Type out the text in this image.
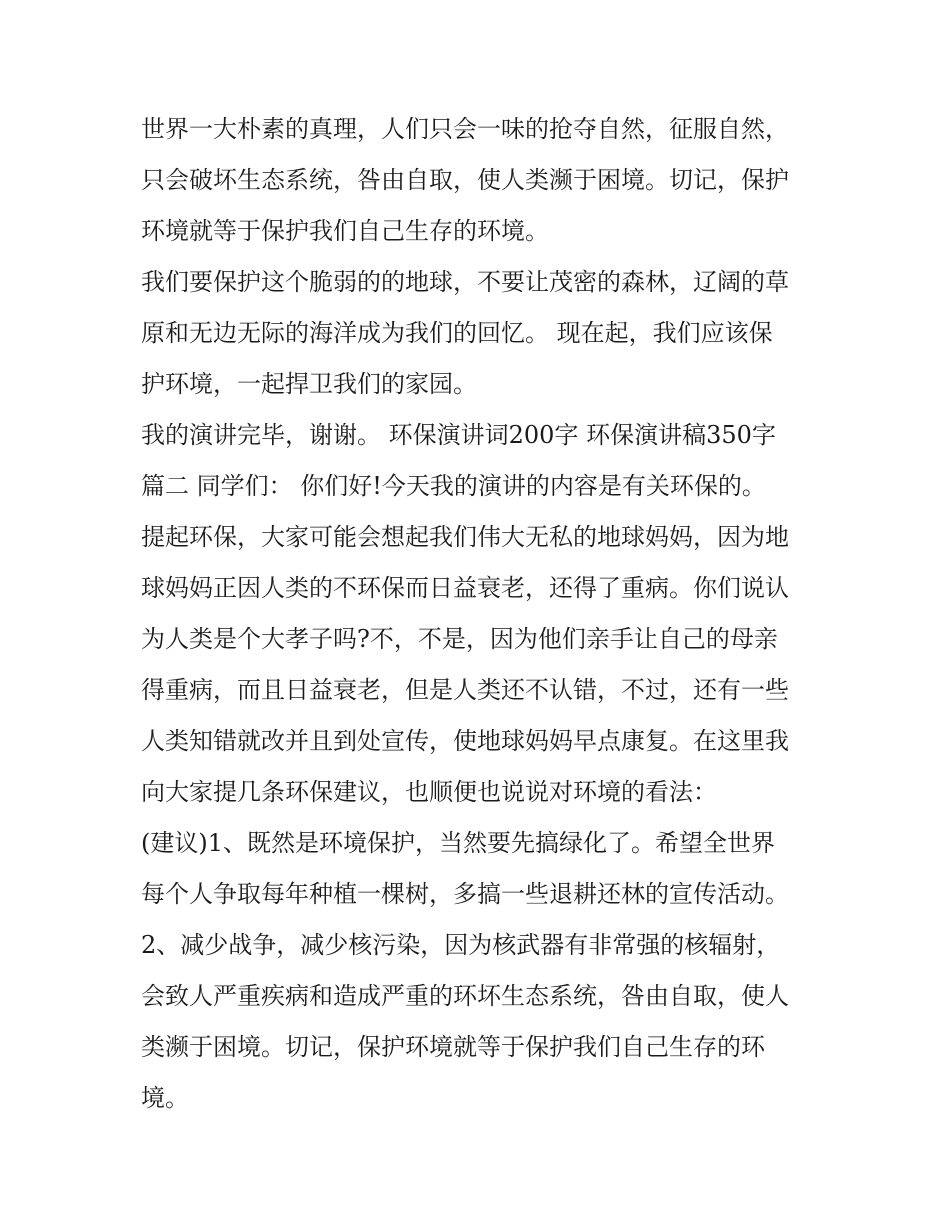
世界一大朴素的真理，人们只会一味的抢夺自然，征服自然，
只会破坏生态系统，咎由自取，使人类濒于困境。切记，保护
环境就等于保护我们自己生存的环境。
我们要保护这个脆弱的的地球，不要让茂密的森林，辽阔的草
原和无边无际的海洋成为我们的回忆。 现在起，我们应该保
护环境，一起捍卫我们的家园。
我的演讲完毕，谢谢。 环保演讲词200字 环保演讲稿350字
篇二 同学们： 你们好!今天我的演讲的内容是有关环保的。
提起环保，大家可能会想起我们伟大无私的地球妈妈，因为地
球妈妈正因人类的不环保而日益衰老，还得了重病。你们说认
为人类是个大孝子吗?不，不是，因为他们亲手让自己的母亲
得重病，而且日益衰老，但是人类还不认错，不过，还有一些
人类知错就改并且到处宣传，使地球妈妈早点康复。在这里我
向大家提几条环保建议，也顺便也说说对环境的看法：
(建议)1、既然是环境保护，当然要先搞绿化了。希望全世界
每个人争取每年种植一棵树，多搞一些退耕还林的宣传活动。
2、减少战争，减少核污染，因为核武器有非常强的核辐射，
会致人严重疾病和造成严重的环坏生态系统，咎由自取，使人
类濒于困境。切记，保护环境就等于保护我们自己生存的环
境。
